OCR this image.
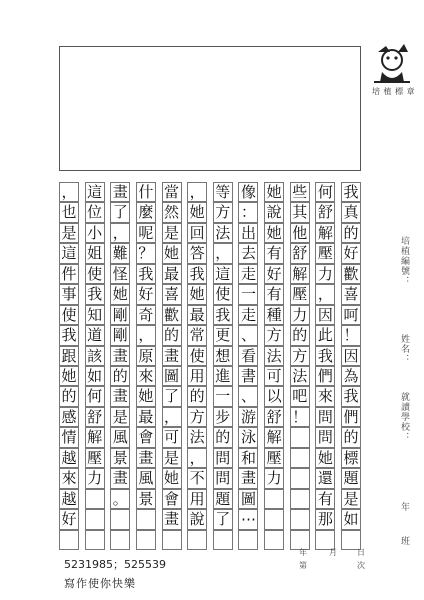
培 植 標 章
培植編號：
姓名：
就讀學校：
年
班
我
真
的
好
歡
喜
呵
！
因
為
我
們
的
標
題
是
如
何
舒
解
壓
力
，
因
此
我
們
來
問
問
她
還
有
那
些
其
他
舒
解
壓
力
的
方
法
吧
！
她
說
她
有
好
有
種
方
法
可
以
舒
解
壓
力
像
：
出
去
走
一
走
、
看
書
、
游
泳
和
畫
圖
⋯
等
方
法
，
這
使
我
更
想
進
一
步
的
問
問
題
了
，
她
回
答
我
她
最
常
使
用
的
方
法
，
不
用
說
當
然
是
她
最
喜
歡
的
畫
圖
了
，
可
是
她
會
畫
什
麼
呢
？
我
好
奇
，
原
來
她
最
會
畫
風
景
畫
了
，
難
怪
她
剛
剛
畫
的
畫
是
風
景
畫
。
這
位
小
姐
使
我
知
道
該
如
何
舒
解
壓
力
，
也
是
這
件
事
使
我
跟
她
的
感
情
越
來
越
好
5231985；525539
寫作使你快樂
年	月	日
第	次
